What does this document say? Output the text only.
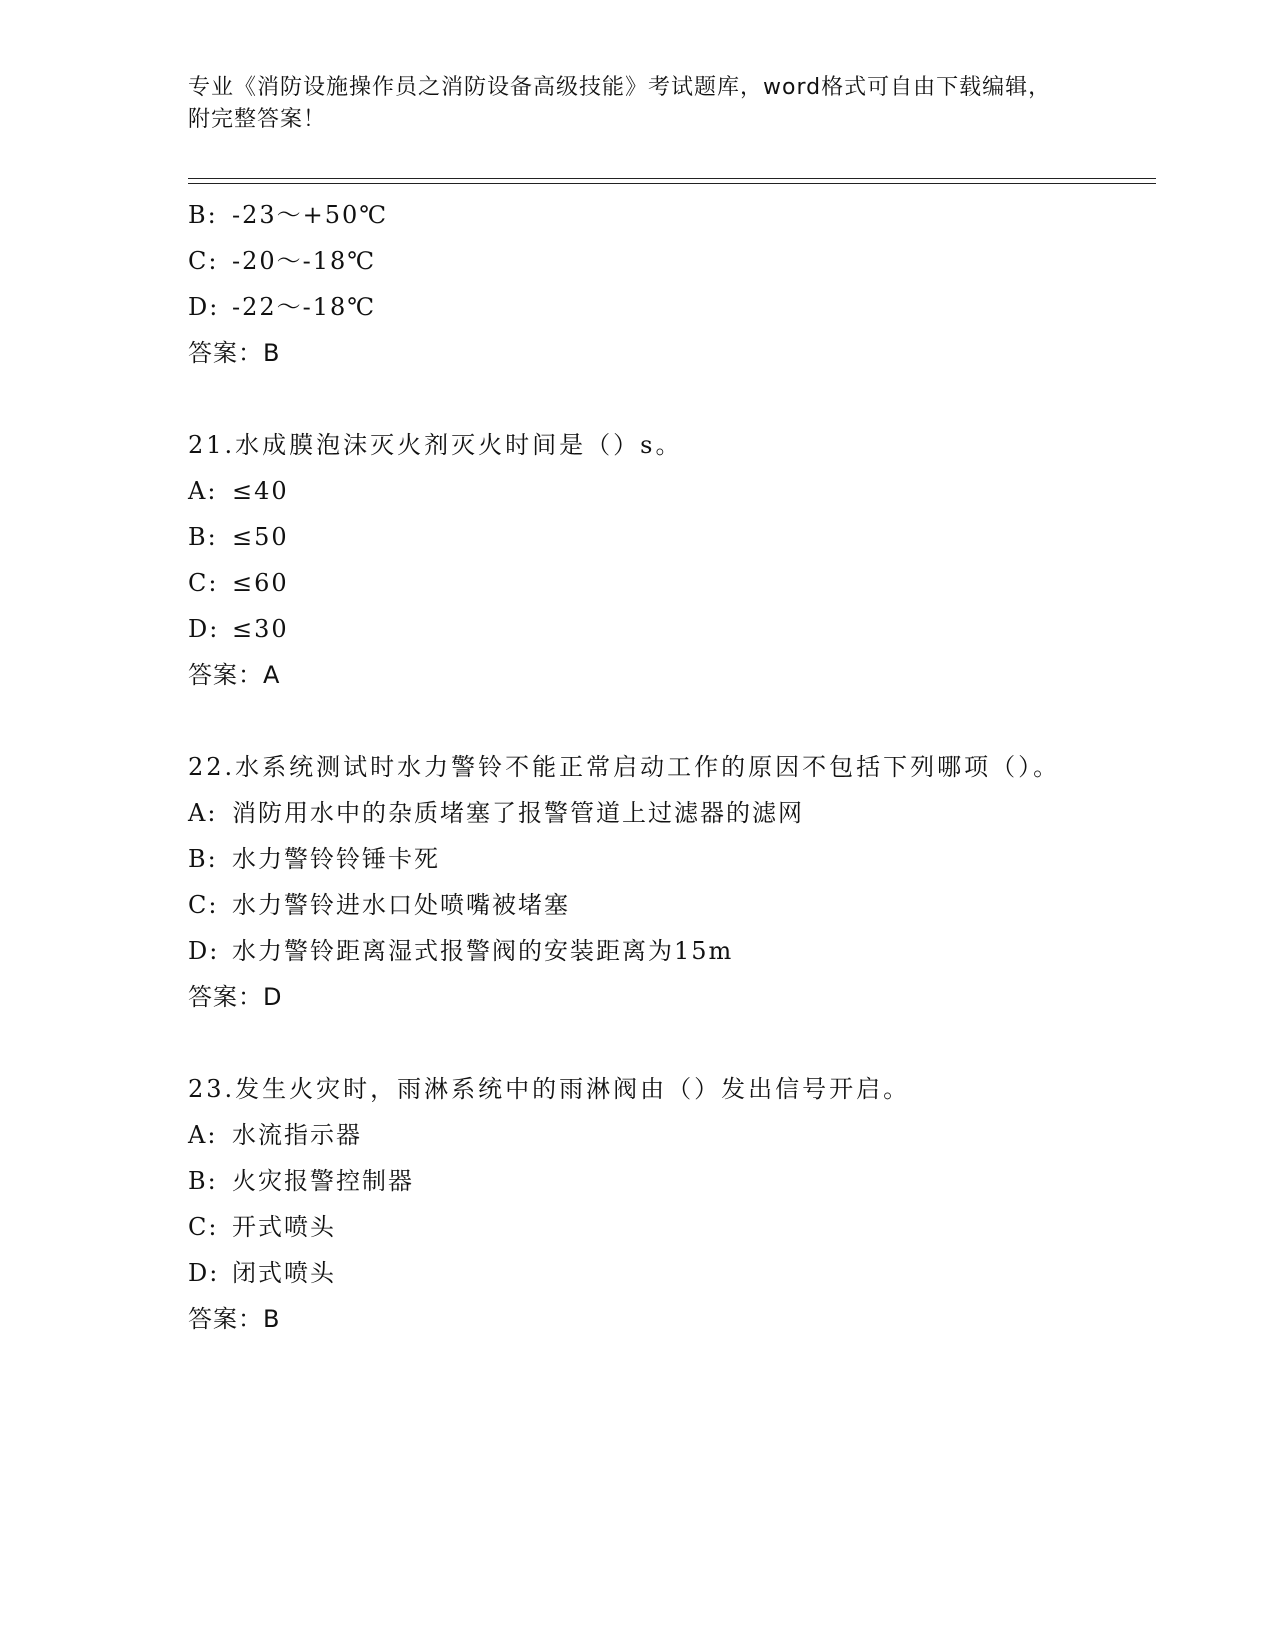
专业《消防设施操作员之消防设备高级技能》考试题库，word格式可自由下载编辑，附完整答案！
B: -23～+50℃
C: -20～-18℃
D: -22～-18℃
答案：B
21.水成膜泡沫灭火剂灭火时间是（）s。
A: ≤40
B: ≤50
C: ≤60
D: ≤30
答案：A
22.水系统测试时水力警铃不能正常启动工作的原因不包括下列哪项（）。
A: 消防用水中的杂质堵塞了报警管道上过滤器的滤网
B: 水力警铃铃锤卡死
C: 水力警铃进水口处喷嘴被堵塞
D: 水力警铃距离湿式报警阀的安装距离为15m
答案：D
23.发生火灾时，雨淋系统中的雨淋阀由（）发出信号开启。
A: 水流指示器
B: 火灾报警控制器
C: 开式喷头
D: 闭式喷头
答案：B
